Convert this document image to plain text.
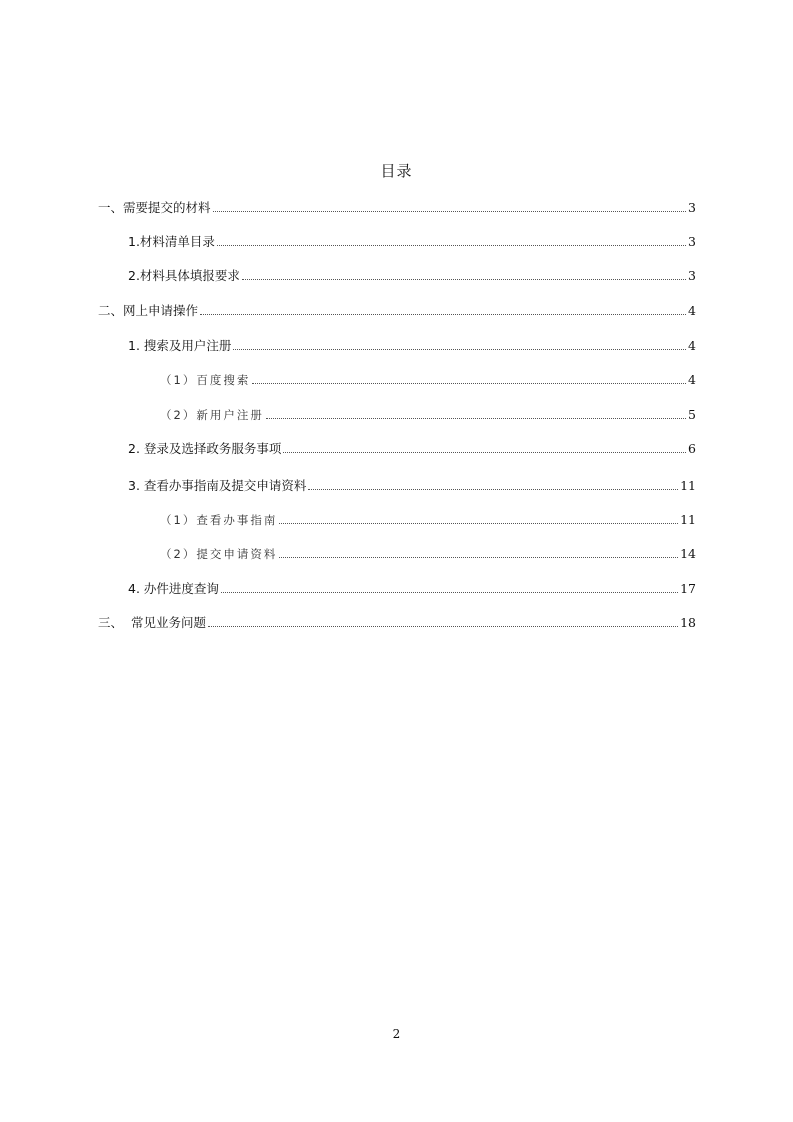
目录
一、需要提交的材料	3
1.材料清单目录	3
2.材料具体填报要求	3
二、网上申请操作	4
1. 搜索及用户注册	4
（1）百度搜索	4
（2）新用户注册	5
2. 登录及选择政务服务事项	6
3. 查看办事指南及提交申请资料	11
（1）查看办事指南	11
（2）提交申请资料	14
4. 办件进度查询	17
三、  常见业务问题	18
2
